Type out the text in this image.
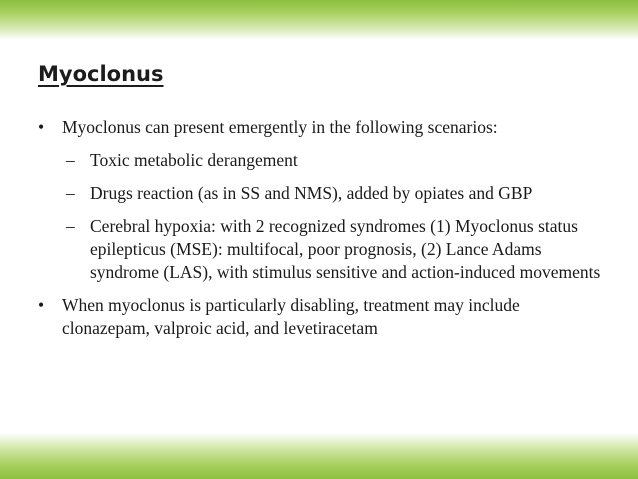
Myoclonus
• Myoclonus can present emergently in the following scenarios:
– Toxic metabolic derangement
– Drugs reaction (as in SS and NMS), added by opiates and GBP
– Cerebral hypoxia: with 2 recognized syndromes (1) Myoclonus status epilepticus (MSE): multifocal, poor prognosis, (2) Lance Adams syndrome (LAS), with stimulus sensitive and action-induced movements
• When myoclonus is particularly disabling, treatment may include clonazepam, valproic acid, and levetiracetam
